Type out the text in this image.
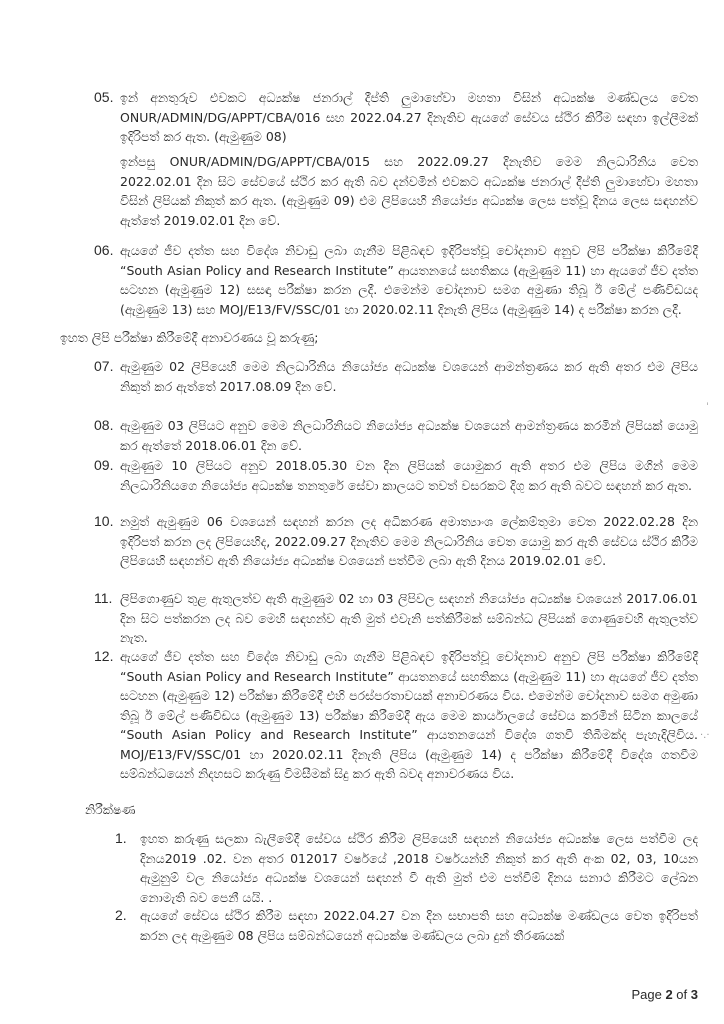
05. ඉන් අනතුරුව එවකට අධ්‍යක්ෂ ජනරාල් දීප්ති ලුමාහේවා මහතා විසින් අධ්‍යක්ෂ මණ්ඩලය වෙත ONUR/ADMIN/DG/APPT/CBA/016 සහ 2022.04.27 දිනැතිව ඇයගේ සේවය ස්ථිර කිරීම සඳහා ඉල්ලීමක් ඉදිරිපත් කර ඇත. (ඇමුණුම 08)
ඉන්පසු ONUR/ADMIN/DG/APPT/CBA/015 සහ 2022.09.27 දිනැතිව මෙම නිලධාරිනිය වෙත 2022.02.01 දින සිට සේවයේ ස්ථිර කර ඇති බව දන්වමින් එවකට අධ්‍යක්ෂ ජනරාල් දීප්ති ලුමාහේවා මහතා විසින් ලිපියක් නිකුත් කර ඇත. (ඇමුණුම 09) එම ලිපියෙහි නියෝජ්‍ය අධ්‍යක්ෂ ලෙස පත්වූ දිනය ලෙස සඳහන්ව ඇත්තේ 2019.02.01 දින වේ.
06. ඇයගේ ජීව දත්ත සහ විදේශ නිවාඩු ලබා ගැනීම පිළිබඳව ඉදිරිපත්වූ චෝදනාව අනුව ලිපි පරීක්ෂා කිරීමේදී “South Asian Policy and Research Institute” ආයතනයේ සහතිකය (ඇමුණුම 11) හා ඇයගේ ජීව දත්ත සටහන (ඇමුණුම 12) සසඳා පරීක්ෂා කරන ලදී. එමෙන්ම චෝදනාව සමග අමුණා තිබූ ඊ මේල් පණිවිඩයද (ඇමුණුම 13) සහ MOJ/E13/FV/SSC/01 හා 2020.02.11 දිනැති ලිපිය (ඇමුණුම 14) ද පරීක්ෂා කරන ලදී.
ඉහත ලිපි පරීක්ෂා කිරීමේදී අනාවරණය වූ කරුණු;
07. ඇමුණුම 02 ලිපියෙහි මෙම නිලධාරිනිය නියෝජ්‍ය අධ්‍යක්ෂ වශයෙන් ආමන්ත්‍රණය කර ඇති අතර එම ලිපිය නිකුත් කර ඇත්තේ 2017.08.09 දින වේ.
08. ඇමුණුම 03 ලිපියට අනුව මෙම නිලධාරිනියට නියෝජ්‍ය අධ්‍යක්ෂ වශයෙන් ආමන්ත්‍රණය කරමින් ලිපියක් යොමු කර ඇත්තේ 2018.06.01 දින වේ.
09. ඇමුණුම 10 ලිපියට අනුව 2018.05.30 වන දින ලිපියක් යොමුකර ඇති අතර එම ලිපිය මගින් මෙම නිලධාරිනියගෙ නියෝජ්‍ය අධ්‍යක්ෂ තනතුරේ සේවා කාලයට තවත් වසරකට දිගු කර ඇති බවට සඳහන් කර ඇත.
10. නමුත් ඇමුණුම 06 වශයෙන් සඳහන් කරන ලද අධිකරණ අමාත්‍යාංශ ලේකම්තුමා වෙත 2022.02.28 දින ඉදිරිපත් කරන ලද ලිපියෙහිද, 2022.09.27 දිනැතිව මෙම නිලධාරිනිය වෙත යොමු කර ඇති සේවය ස්ථිර කිරීම ලිපියෙහි සඳහන්ව ඇති නියෝජ්‍ය අධ්‍යක්ෂ වශයෙන් පත්වීම ලබා ඇති දිනය 2019.02.01 වේ.
11. ලිපිගොණුව තුළ ඇතුලත්ව ඇති ඇමුණුම 02 හා 03 ලිපිවල සඳහන් නියෝජ්‍ය අධ්‍යක්ෂ වශයෙන් 2017.06.01 දින සිට පත්කරන ලද බව මෙහි සඳහන්ව ඇති මුත් එවැනි පත්කිරීමක් සම්බන්ධ ලිපියක් ගොණුවෙහි ඇතුලත්ව නැත.
12. ඇයගේ ජීව දත්ත සහ විදේශ නිවාඩු ලබා ගැනීම පිළිබඳව ඉදිරිපත්වූ චෝදනාව අනුව ලිපි පරීක්ෂා කිරීමේදී “South Asian Policy and Research Institute” ආයතනයේ සහතිකය (ඇමුණුම 11) හා ඇයගේ ජීව දත්ත සටහන (ඇමුණුම 12) පරීක්ෂා කිරීමේදී එහි පරස්පරතාවයක් අනාවරණය විය. එමෙන්ම චෝදනාව සමග අමුණා තිබූ ඊ මේල් පණිවිඩය (ඇමුණුම 13) පරීක්ෂා කිරීමේදී ඇය මෙම කාර්යාලයේ සේවය කරමින් සිටින කාලයේ “South Asian Policy and Research Institute” ආයතනයෙන් විදේශ ගතවී තිබීමක්ද පැහැදිලිවිය. MOJ/E13/FV/SSC/01 හා 2020.02.11 දිනැති ලිපිය (ඇමුණුම 14) ද පරීක්ෂා කිරීමේදී විදේශ ගතවීම සම්බන්ධයෙන් නිදහසට කරුණු විමසීමක් සිදු කර ඇති බවද අනාවරණය විය.
නිරීක්ෂණ
1. ඉහත කරුණු සලකා බැලීමේදී සේවය ස්ථිර කිරීම ලිපියෙහි සඳහන් නියෝජ්‍ය අධ්‍යක්ෂ ලෙස පත්වීම ලද දිනය2019 .02. වන අතර 012017 වර්ෂයේ ,2018 වර්ෂයන්හි නිකුත් කර ඇති අංක 02, 03, 10යන ඇමුනුම් වල නියෝජ්‍ය අධ්‍යක්ෂ වශයෙන් සඳහන් වී ඇති මුත් එම පත්වීම් දිනය සනාථ කිරීමට ලේඛන නොමැති බව පෙනී යයි. .
2. ඇයගේ සේවය ස්ථිර කිරීම සඳහා 2022.04.27 වන දින සභාපති සහ අධ්‍යක්ෂ මණ්ඩලය වෙත ඉදිරිපත් කරන ලද ඇමුණුම 08 ලිපිය සම්බන්ධයෙන් අධ්‍යක්ෂ මණ්ඩලය ලබා දුන් තීරණයක්
Page 2 of 3
ˈ
·.·
